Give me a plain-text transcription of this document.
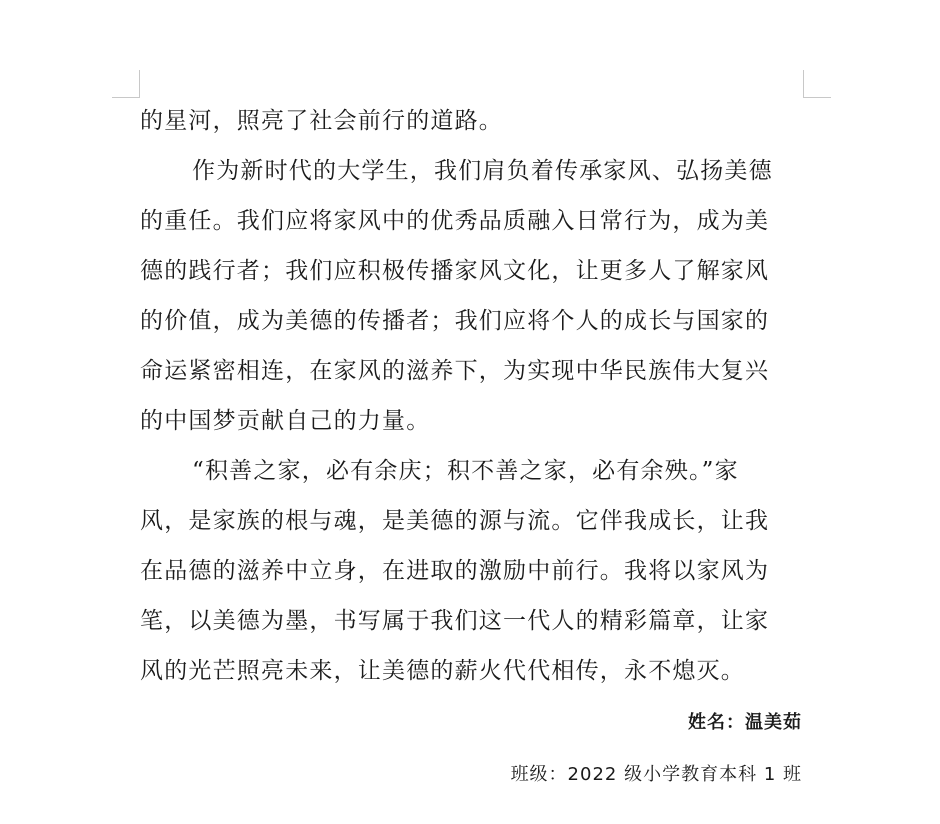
的星河，照亮了社会前行的道路。
作为新时代的大学生，我们肩负着传承家风、弘扬美德
的重任。我们应将家风中的优秀品质融入日常行为，成为美
德的践行者；我们应积极传播家风文化，让更多人了解家风
的价值，成为美德的传播者；我们应将个人的成长与国家的
命运紧密相连，在家风的滋养下，为实现中华民族伟大复兴
的中国梦贡献自己的力量。
“积善之家，必有余庆；积不善之家，必有余殃。”家
风，是家族的根与魂，是美德的源与流。它伴我成长，让我
在品德的滋养中立身，在进取的激励中前行。我将以家风为
笔，以美德为墨，书写属于我们这一代人的精彩篇章，让家
风的光芒照亮未来，让美德的薪火代代相传，永不熄灭。
姓名：温美茹
班级：2022 级小学教育本科 1 班
